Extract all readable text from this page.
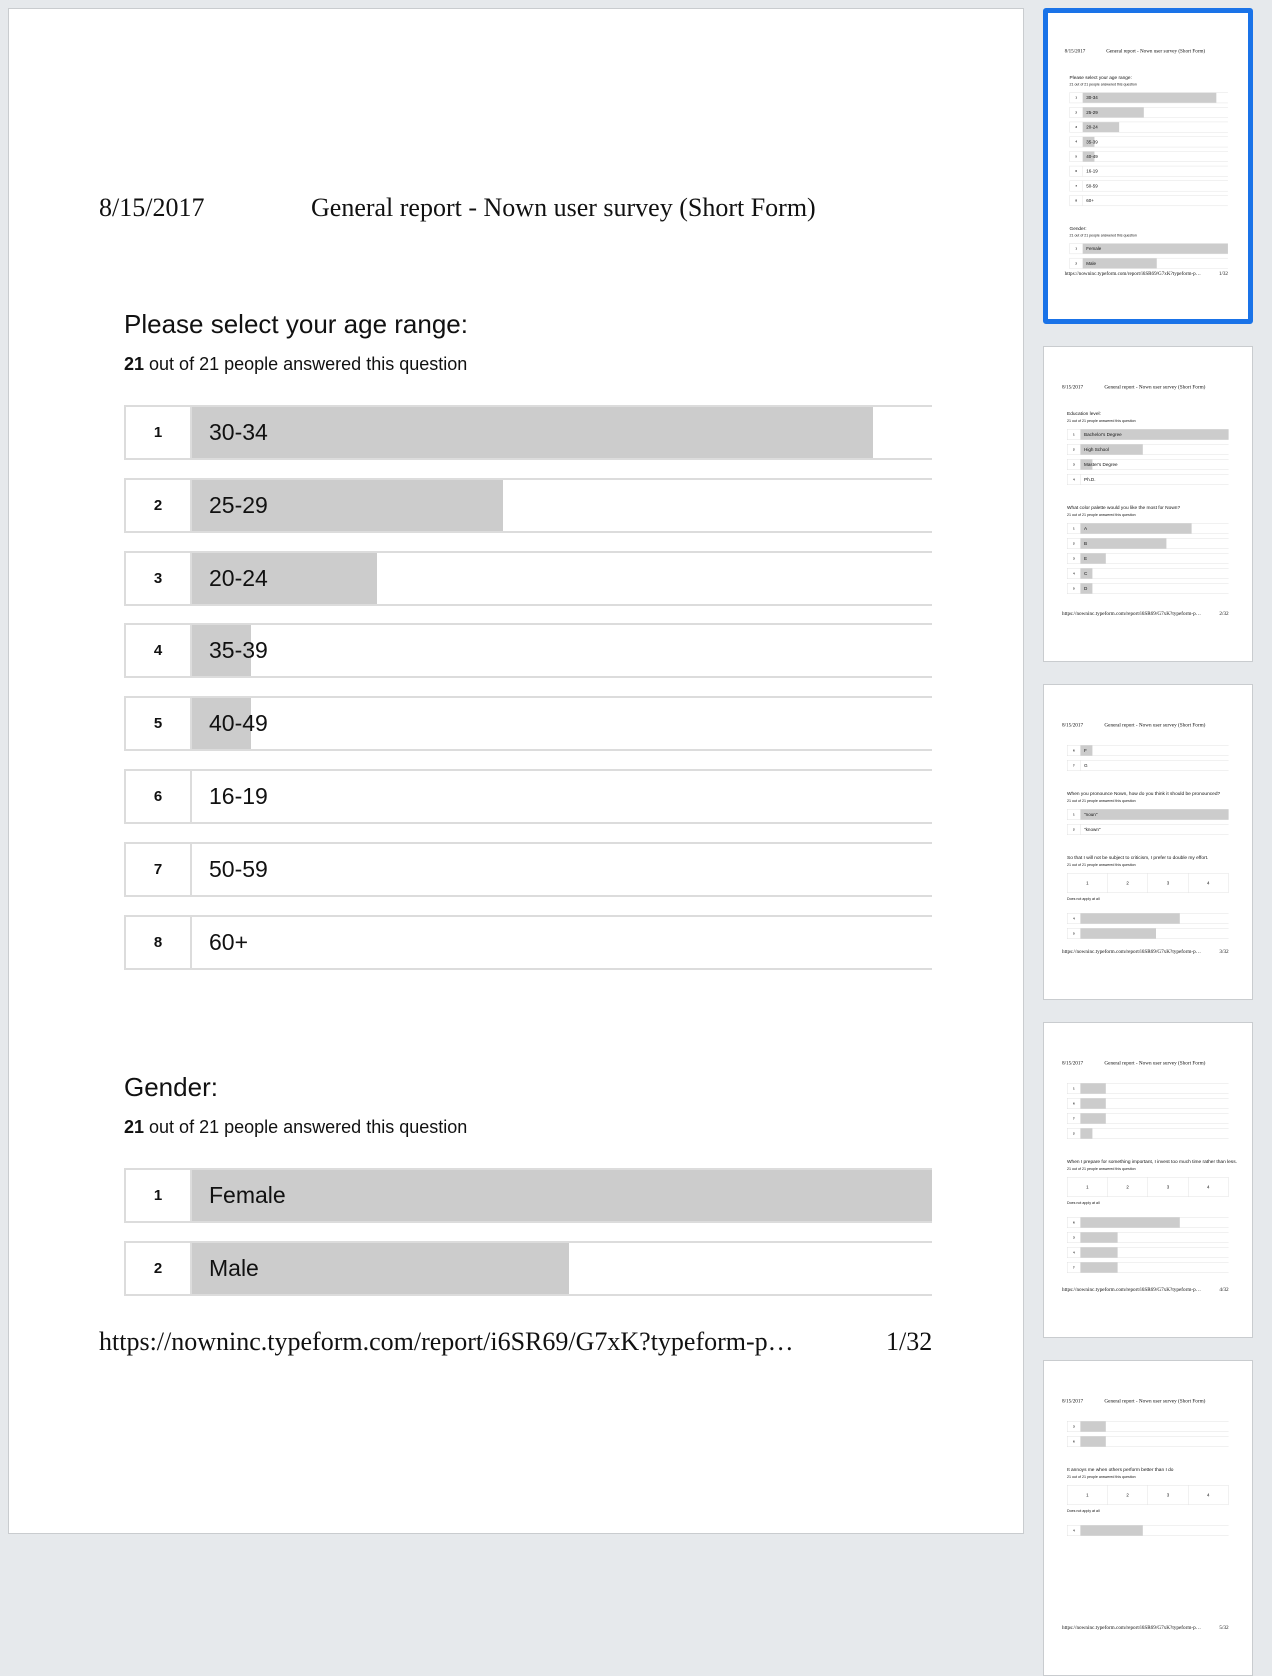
8/15/2017	General report - Nown user survey (Short Form)
Please select your age range:
21 out of 21 people answered this question
1	30-34
2	25-29
3	20-24
4	35-39
5	40-49
6	16-19
7	50-59
8	60+
Gender:
21 out of 21 people answered this question
1	Female
2	Male
https://nowninc.typeform.com/report/i6SR69/G7xK?typeform-p…	1/32
8/15/2017 General report - Nown user survey (Short Form)
Please select your age range:
21 out of 21 people answered this question
1 30-34
2 25-29
3 20-24
4 35-39
5 40-49
6 16-19
7 50-59
8 60+
Gender:
21 out of 21 people answered this question
1 Female
2 Male
https://nowninc.typeform.com/report/i6SR69/G7xK?typeform-p… 1/32
8/15/2017 General report - Nown user survey (Short Form)
Education level:
21 out of 21 people answered this question
1 Bachelor's Degree
2 High School
3 Master's Degree
4 Ph.D.
What color palette would you like the most for Nown?
21 out of 21 people answered this question
1 A
2 B
3 E
4 C
5 D
https://nowninc.typeform.com/report/i6SR69/G7xK?typeform-p… 2/32
8/15/2017 General report - Nown user survey (Short Form)
6 F
7 G
When you pronounce Nown, how do you think it should be pronounced?
21 out of 21 people answered this question
1 "noun"
2 "known"
So that I will not be subject to criticism, I prefer to double my effort.
21 out of 21 people answered this question
1	2	3	4
Does not apply at all
4
5
https://nowninc.typeform.com/report/i6SR69/G7xK?typeform-p… 3/32
8/15/2017 General report - Nown user survey (Short Form)
1
6
7
2
When I prepare for something important, I invest too much time rather than less.
21 out of 21 people answered this question
1	2	3	4
Does not apply at all
6
3
4
7
https://nowninc.typeform.com/report/i6SR69/G7xK?typeform-p… 4/32
8/15/2017 General report - Nown user survey (Short Form)
3
6
It annoys me when others perform better than I do
21 out of 21 people answered this question
1	2	3	4
Does not apply at all
4
https://nowninc.typeform.com/report/i6SR69/G7xK?typeform-p… 5/32
